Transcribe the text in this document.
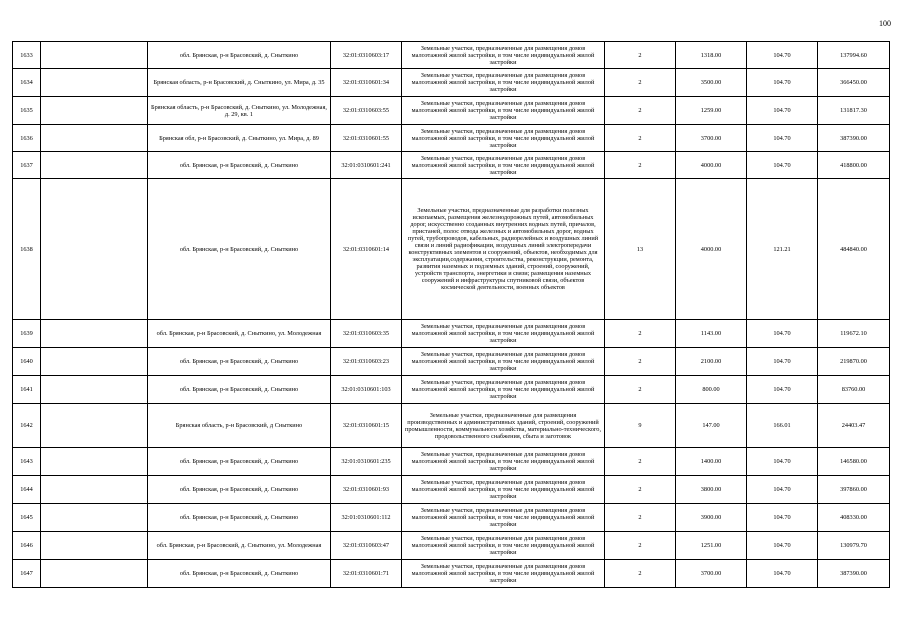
100
1633		обл. Брянская, р-н Брасовский, д. Сныткино	32:01:0310603:17	Земельные участки, предназначенные для размещения домов малоэтажной жилой застройки, в том числе индивидуальной жилой застройки	2	1318.00	104.70	137994.60
1634		Брянская область, р-н Брасовский, д. Сныткино, ул. Мира, д. 35	32:01:0310601:34	Земельные участки, предназначенные для размещения домов малоэтажной жилой застройки, в том числе индивидуальной жилой застройки	2	3500.00	104.70	366450.00
1635		Брянская область, р-н Брасовский, д. Сныткино, ул. Молодежная, д. 29, кв. 1	32:01:0310603:55	Земельные участки, предназначенные для размещения домов малоэтажной жилой застройки, в том числе индивидуальной жилой застройки	2	1259.00	104.70	131817.30
1636		Брянская обл, р-н Брасовский, д. Сныткино, ул. Мира, д. 89	32:01:0310601:55	Земельные участки, предназначенные для размещения домов малоэтажной жилой застройки, в том числе индивидуальной жилой застройки	2	3700.00	104.70	387390.00
1637		обл. Брянская, р-н Брасовский, д. Сныткино	32:01:0310601:241	Земельные участки, предназначенные для размещения домов малоэтажной жилой застройки, в том числе индивидуальной жилой застройки	2	4000.00	104.70	418800.00
1638		обл. Брянская, р-н Брасовский, д. Сныткино	32:01:0310601:14	Земельные участки, предназначенные для разработки полезных ископаемых, размещения железнодорожных путей, автомобильных дорог, искусственно созданных внутренних водных путей, причалов, пристаней, полос отвода железных и автомобильных дорог, водных путей, трубопроводов, кабельных, радиорелейных и воздушных линий связи и линий радиофикации, воздушных линий электропередачи конструктивных элементов и сооружений, объектов, необходимых для эксплуатации,содержания, строительства, реконструкции, ремонта, развития наземных и подземных зданий, строений, сооружений, устройств транспорта, энергетики и связи; размещения наземных сооружений и инфраструктуры спутниковой связи, объектов космической деятельности, военных объектов	13	4000.00	121.21	484840.00
1639		обл. Брянская, р-н Брасовский, д. Сныткино, ул. Молодежная	32:01:0310603:35	Земельные участки, предназначенные для размещения домов малоэтажной жилой застройки, в том числе индивидуальной жилой застройки	2	1143.00	104.70	119672.10
1640		обл. Брянская, р-н Брасовский, д. Сныткино	32:01:0310603:23	Земельные участки, предназначенные для размещения домов малоэтажной жилой застройки, в том числе индивидуальной жилой застройки	2	2100.00	104.70	219870.00
1641		обл. Брянская, р-н Брасовский, д. Сныткино	32:01:0310601:103	Земельные участки, предназначенные для размещения домов малоэтажной жилой застройки, в том числе индивидуальной жилой застройки	2	800.00	104.70	83760.00
1642		Брянская область, р-н Брасовский, д Сныткино	32:01:0310601:15	Земельные участки, предназначенные для размещения производственных и административных зданий, строений, сооружений промышленности, коммунального хозяйства, материально-технического, продовольственного снабжения, сбыта и заготовок	9	147.00	166.01	24403.47
1643		обл. Брянская, р-н Брасовский, д. Сныткино	32:01:0310601:235	Земельные участки, предназначенные для размещения домов малоэтажной жилой застройки, в том числе индивидуальной жилой застройки	2	1400.00	104.70	146580.00
1644		обл. Брянская, р-н Брасовский, д. Сныткино	32:01:0310601:93	Земельные участки, предназначенные для размещения домов малоэтажной жилой застройки, в том числе индивидуальной жилой застройки	2	3800.00	104.70	397860.00
1645		обл. Брянская, р-н Брасовский, д. Сныткино	32:01:0310601:112	Земельные участки, предназначенные для размещения домов малоэтажной жилой застройки, в том числе индивидуальной жилой застройки	2	3900.00	104.70	408330.00
1646		обл. Брянская, р-н Брасовский, д. Сныткино, ул. Молодежная	32:01:0310603:47	Земельные участки, предназначенные для размещения домов малоэтажной жилой застройки, в том числе индивидуальной жилой застройки	2	1251.00	104.70	130979.70
1647		обл. Брянская, р-н Брасовский, д. Сныткино	32:01:0310601:71	Земельные участки, предназначенные для размещения домов малоэтажной жилой застройки, в том числе индивидуальной жилой застройки	2	3700.00	104.70	387390.00
